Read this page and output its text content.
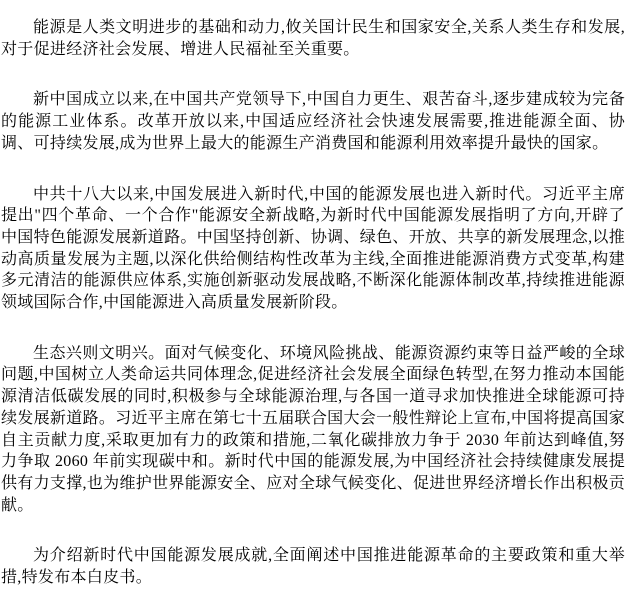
能源是人类文明进步的基础和动力,攸关国计民生和国家安全,关系人类生存和发展,对于促进经济社会发展、增进人民福祉至关重要。

新中国成立以来,在中国共产党领导下,中国自力更生、艰苦奋斗,逐步建成较为完备的能源工业体系。改革开放以来,中国适应经济社会快速发展需要,推进能源全面、协调、可持续发展,成为世界上最大的能源生产消费国和能源利用效率提升最快的国家。

中共十八大以来,中国发展进入新时代,中国的能源发展也进入新时代。习近平主席提出"四个革命、一个合作"能源安全新战略,为新时代中国能源发展指明了方向,开辟了中国特色能源发展新道路。中国坚持创新、协调、绿色、开放、共享的新发展理念,以推动高质量发展为主题,以深化供给侧结构性改革为主线,全面推进能源消费方式变革,构建多元清洁的能源供应体系,实施创新驱动发展战略,不断深化能源体制改革,持续推进能源领域国际合作,中国能源进入高质量发展新阶段。

生态兴则文明兴。面对气候变化、环境风险挑战、能源资源约束等日益严峻的全球问题,中国树立人类命运共同体理念,促进经济社会发展全面绿色转型,在努力推动本国能源清洁低碳发展的同时,积极参与全球能源治理,与各国一道寻求加快推进全球能源可持续发展新道路。习近平主席在第七十五届联合国大会一般性辩论上宣布,中国将提高国家自主贡献力度,采取更加有力的政策和措施,二氧化碳排放力争于 2030 年前达到峰值,努力争取 2060 年前实现碳中和。新时代中国的能源发展,为中国经济社会持续健康发展提供有力支撑,也为维护世界能源安全、应对全球气候变化、促进世界经济增长作出积极贡献。

为介绍新时代中国能源发展成就,全面阐述中国推进能源革命的主要政策和重大举措,特发布本白皮书。
